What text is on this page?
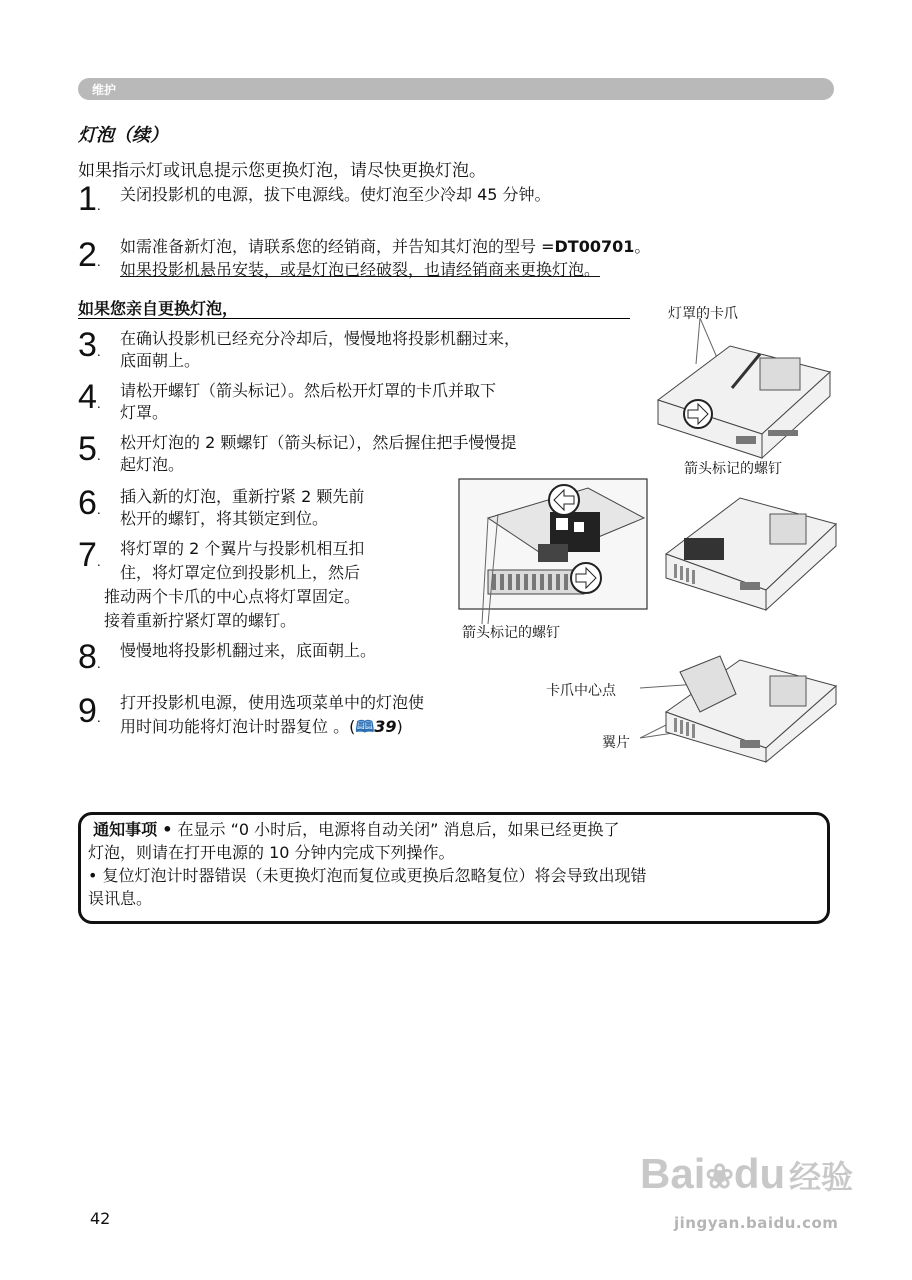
维护
灯泡（续）
如果指示灯或讯息提示您更换灯泡，请尽快更换灯泡。
1 . 关闭投影机的电源，拔下电源线。使灯泡至少冷却 45 分钟。
2 . 如需准备新灯泡，请联系您的经销商，并告知其灯泡的型号 =DT00701。
如果投影机悬吊安装，或是灯泡已经破裂，也请经销商来更换灯泡。
如果您亲自更换灯泡，
3 . 在确认投影机已经充分冷却后，慢慢地将投影机翻过来，
底面朝上。
4 . 请松开螺钉（箭头标记）。然后松开灯罩的卡爪并取下
灯罩。
5 . 松开灯泡的 2 颗螺钉（箭头标记），然后握住把手慢慢提
起灯泡。
6 . 插入新的灯泡，重新拧紧 2 颗先前
松开的螺钉，将其锁定到位。
7 . 将灯罩的 2 个翼片与投影机相互扣
住，将灯罩定位到投影机上，然后
推动两个卡爪的中心点将灯罩固定。
接着重新拧紧灯罩的螺钉。
8 . 慢慢地将投影机翻过来，底面朝上。
9 . 打开投影机电源，使用选项菜单中的灯泡使
用时间功能将灯泡计时器复位 。(🕮39)
灯罩的卡爪
箭头标记的螺钉
箭头标记的螺钉
卡爪中心点
翼片
通知事项 • 在显示 “0 小时后，电源将自动关闭” 消息后，如果已经更换了
灯泡，则请在打开电源的 10 分钟内完成下列操作。
• 复位灯泡计时器错误（未更换灯泡而复位或更换后忽略复位）将会导致出现错
误讯息。
42
Bai❀du 经验
jingyan.baidu.com
